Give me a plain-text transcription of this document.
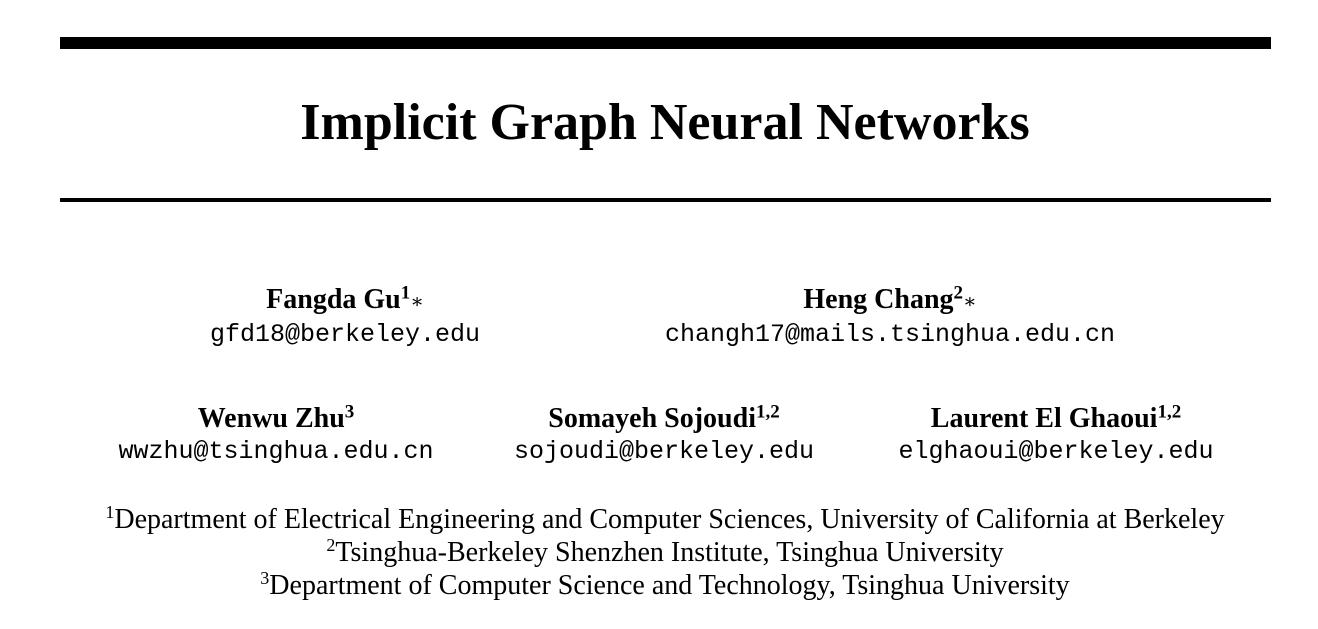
Implicit Graph Neural Networks
Fangda Gu$^1$∗
gfd18@berkeley.edu
Heng Chang$^2$∗
changh17@mails.tsinghua.edu.cn
Wenwu Zhu$^3$
wwzhu@tsinghua.edu.cn
Somayeh Sojoudi$^{1,2}$
sojoudi@berkeley.edu
Laurent El Ghaoui$^{1,2}$
elghaoui@berkeley.edu
$^1$Department of Electrical Engineering and Computer Sciences, University of California at Berkeley
$^2$Tsinghua-Berkeley Shenzhen Institute, Tsinghua University
$^3$Department of Computer Science and Technology, Tsinghua University
